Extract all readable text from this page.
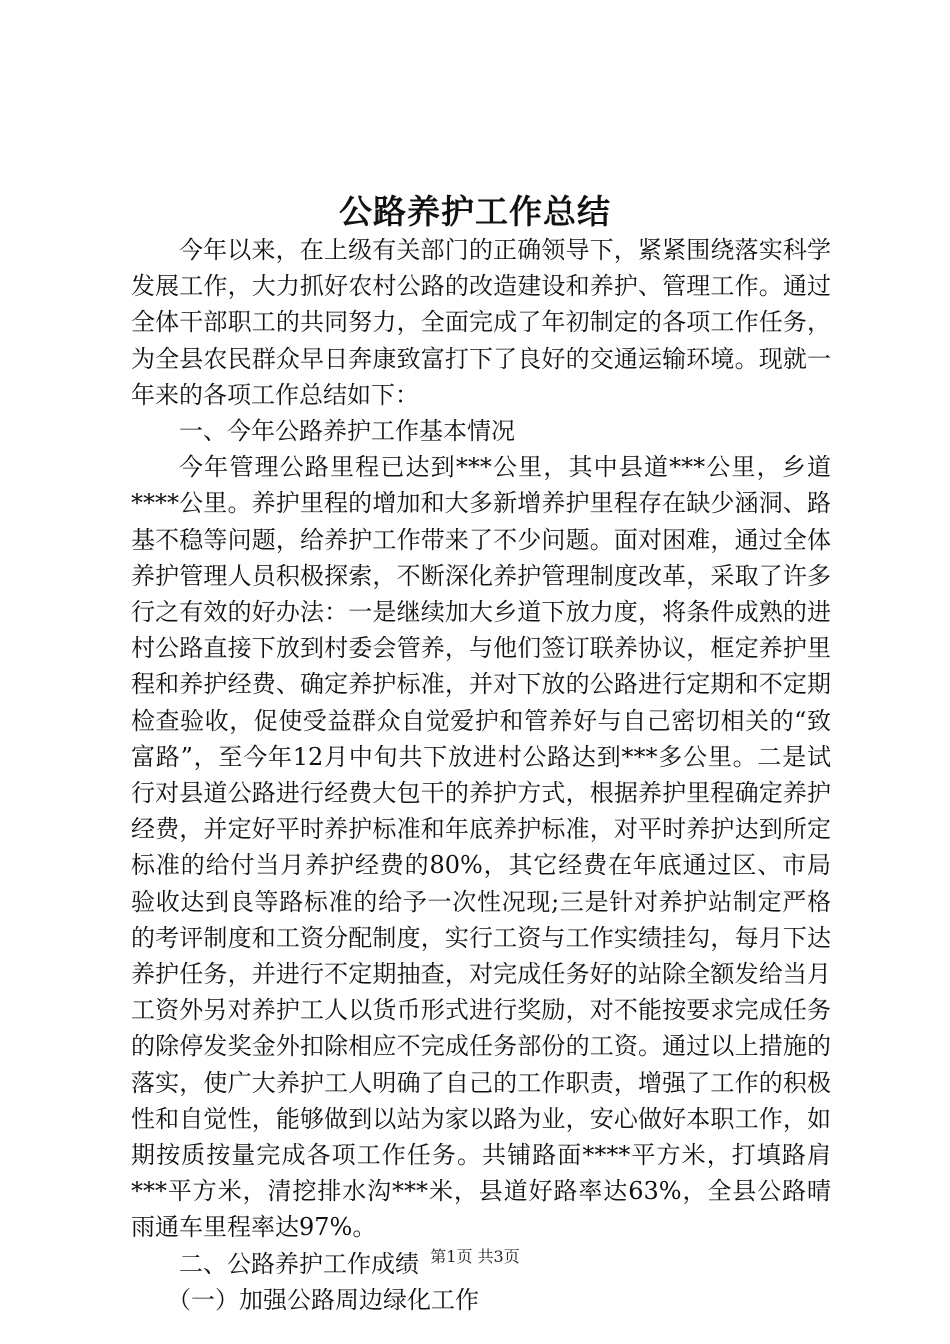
公路养护工作总结

今年以来，在上级有关部门的正确领导下，紧紧围绕落实科学发展工作，大力抓好农村公路的改造建设和养护、管理工作。通过全体干部职工的共同努力，全面完成了年初制定的各项工作任务，为全县农民群众早日奔康致富打下了良好的交通运输环境。现就一年来的各项工作总结如下：

一、今年公路养护工作基本情况

今年管理公路里程已达到***公里，其中县道***公里，乡道****公里。养护里程的增加和大多新增养护里程存在缺少涵洞、路基不稳等问题，给养护工作带来了不少问题。面对困难，通过全体养护管理人员积极探索，不断深化养护管理制度改革，采取了许多行之有效的好办法：一是继续加大乡道下放力度，将条件成熟的进村公路直接下放到村委会管养，与他们签订联养协议，框定养护里程和养护经费、确定养护标准，并对下放的公路进行定期和不定期检查验收，促使受益群众自觉爱护和管养好与自己密切相关的“致富路”，至今年12月中旬共下放进村公路达到***多公里。二是试行对县道公路进行经费大包干的养护方式，根据养护里程确定养护经费，并定好平时养护标准和年底养护标准，对平时养护达到所定标准的给付当月养护经费的80%，其它经费在年底通过区、市局验收达到良等路标准的给予一次性况现;三是针对养护站制定严格的考评制度和工资分配制度，实行工资与工作实绩挂勾，每月下达养护任务，并进行不定期抽查，对完成任务好的站除全额发给当月工资外另对养护工人以货币形式进行奖励，对不能按要求完成任务的除停发奖金外扣除相应不完成任务部份的工资。通过以上措施的落实，使广大养护工人明确了自己的工作职责，增强了工作的积极性和自觉性，能够做到以站为家以路为业，安心做好本职工作，如期按质按量完成各项工作任务。共铺路面****平方米，打填路肩***平方米，清挖排水沟***米，县道好路率达63%，全县公路晴雨通车里程率达97%。

二、公路养护工作成绩

（一）加强公路周边绿化工作

第1页 共3页
